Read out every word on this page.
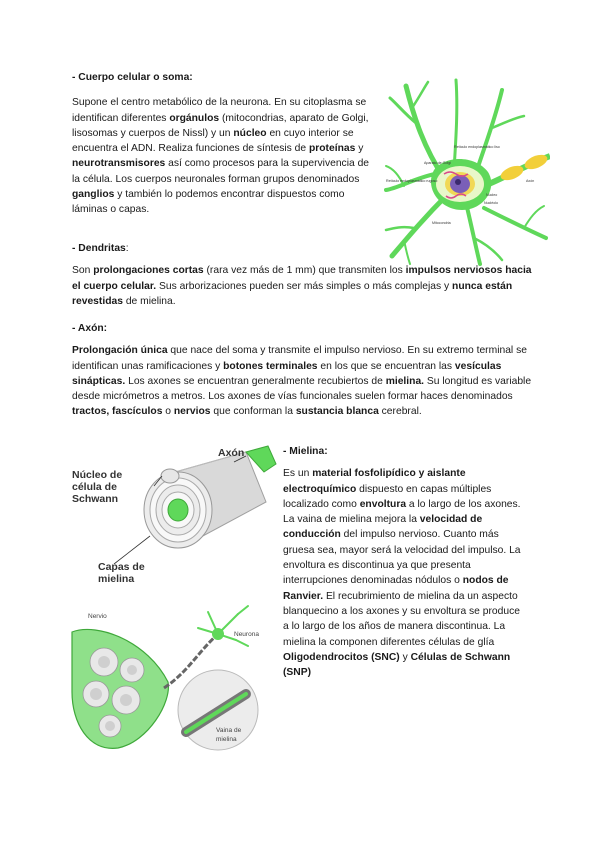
- Cuerpo celular o soma:

Supone el centro metabólico de la neurona. En su citoplasma se identifican diferentes orgánulos (mitocondrias, aparato de Golgi, lisosomas y cuerpos de Nissl) y un núcleo en cuyo interior se encuentra el ADN. Realiza funciones de síntesis de proteínas y neurotransmisores así como procesos para la supervivencia de la célula. Los cuerpos neuronales forman grupos denominados ganglios y también lo podemos encontrar dispuestos como láminas o capas.

Retículo endoplasmático liso
Aparato de Golgi
Axón
Retículo endoplasmático rugoso
Núcleo
Nucléolo
Mitocondria

- Dendritas:

Son prolongaciones cortas (rara vez más de 1 mm) que transmiten los impulsos nerviosos hacia el cuerpo celular. Sus arborizaciones pueden ser más simples o más complejas y nunca están revestidas de mielina.

- Axón:

Prolongación única que nace del soma y transmite el impulso nervioso. En su extremo terminal se identifican unas ramificaciones y botones terminales en los que se encuentran las vesículas sinápticas. Los axones se encuentran generalmente recubiertos de mielina. Su longitud es variable desde micrómetros a metros. Los axones de vías funcionales suelen formar haces denominados tractos, fascículos o nervios que conforman la sustancia blanca cerebral.

Axón
Núcleo de
célula de
Schwann
Capas de
mielina
Nervio
Neurona
Vaina de
mielina

- Mielina:

Es un material fosfolipídico y aislante electroquímico dispuesto en capas múltiples localizado como envoltura a lo largo de los axones. La vaina de mielina mejora la velocidad de conducción del impulso nervioso. Cuanto más gruesa sea, mayor será la velocidad del impulso. La envoltura es discontinua ya que presenta interrupciones denominadas nódulos o nodos de Ranvier. El recubrimiento de mielina da un aspecto blanquecino a los axones y su envoltura se produce a lo largo de los años de manera discontinua. La mielina la componen diferentes células de glía Oligodendrocitos (SNC) y Células de Schwann (SNP)
